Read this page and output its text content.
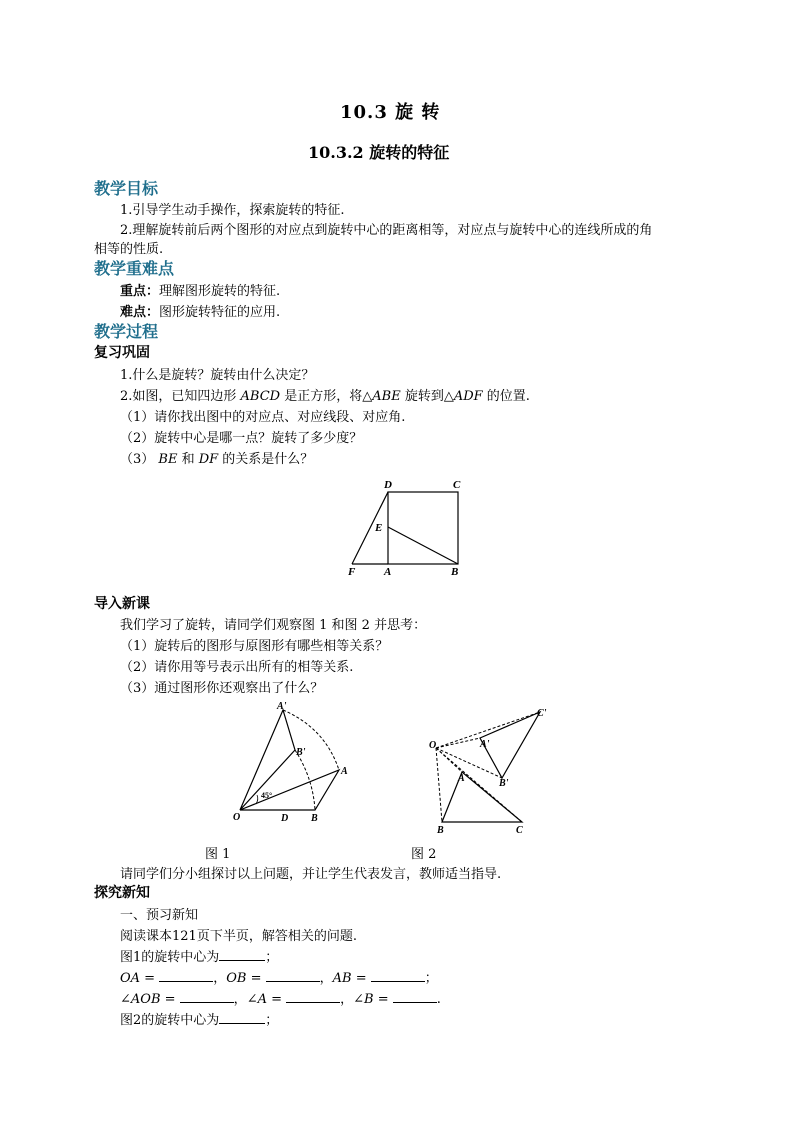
10.3 旋 转
10.3.2 旋转的特征
教学目标
1.引导学生动手操作，探索旋转的特征.
2.理解旋转前后两个图形的对应点到旋转中心的距离相等，对应点与旋转中心的连线所成的角
相等的性质.
教学重难点
重点：理解图形旋转的特征.
难点：图形旋转特征的应用.
教学过程
复习巩固
1.什么是旋转？旋转由什么决定？
2.如图，已知四边形 ABCD 是正方形，将△ABE 旋转到△ADF 的位置.
（1）请你找出图中的对应点、对应线段、对应角.
（2）旋转中心是哪一点？旋转了多少度？
（3） BE 和 DF 的关系是什么？
D	C
E
F	A	B
导入新课
我们学习了旋转，请同学们观察图 1 和图 2 并思考：
（1）旋转后的图形与原图形有哪些相等关系？
（2）请你用等号表示出所有的相等关系.
（3）通过图形你还观察出了什么？
A'
B'
A
O	D B
45°
C'
O	A'
B'
A
B	C
图 1	图 2
请同学们分小组探讨以上问题，并让学生代表发言，教师适当指导.
探究新知
一、预习新知
阅读课本121页下半页，解答相关的问题.
图1的旋转中心为	；
OA =	，OB =	，AB =	；
∠AOB =	，∠A =	，∠B =	.
图2的旋转中心为	；
